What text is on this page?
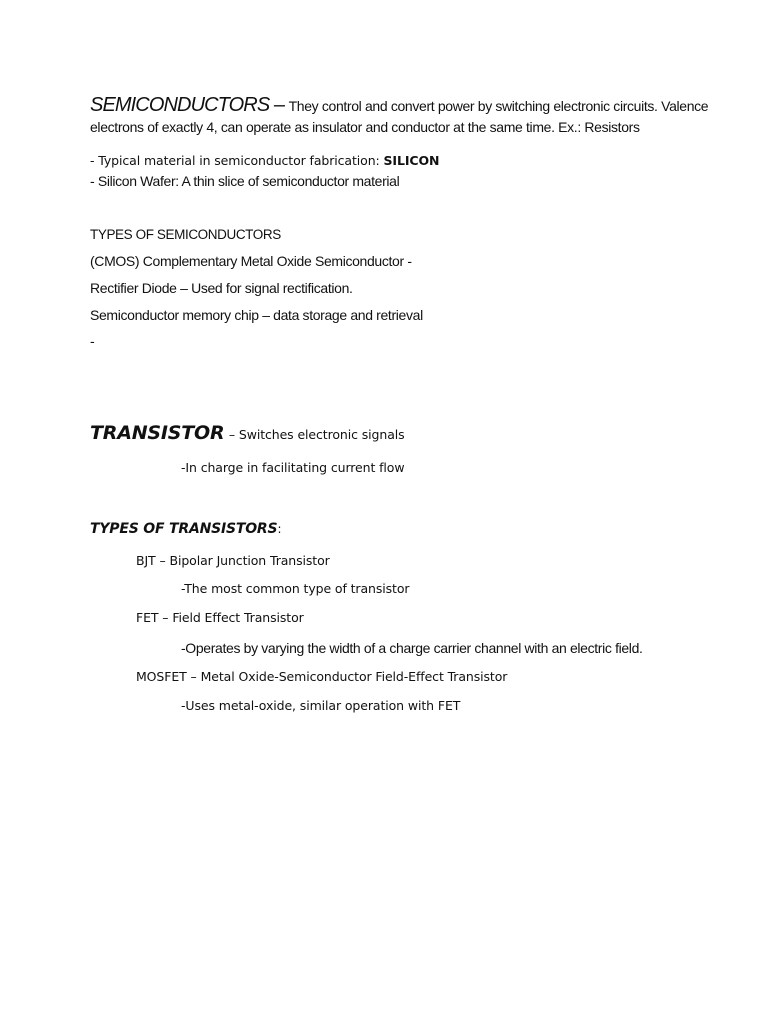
SEMICONDUCTORS – They control and convert power by switching electronic circuits. Valence
electrons of exactly 4, can operate as insulator and conductor at the same time. Ex.: Resistors
- Typical material in semiconductor fabrication: SILICON
- Silicon Wafer: A thin slice of semiconductor material
TYPES OF SEMICONDUCTORS
(CMOS) Complementary Metal Oxide Semiconductor -
Rectifier Diode – Used for signal rectification.
Semiconductor memory chip – data storage and retrieval
-
TRANSISTOR – Switches electronic signals
-In charge in facilitating current flow
TYPES OF TRANSISTORS:
BJT – Bipolar Junction Transistor
-The most common type of transistor
FET – Field Effect Transistor
-Operates by varying the width of a charge carrier channel with an electric field.
MOSFET – Metal Oxide-Semiconductor Field-Effect Transistor
-Uses metal-oxide, similar operation with FET
